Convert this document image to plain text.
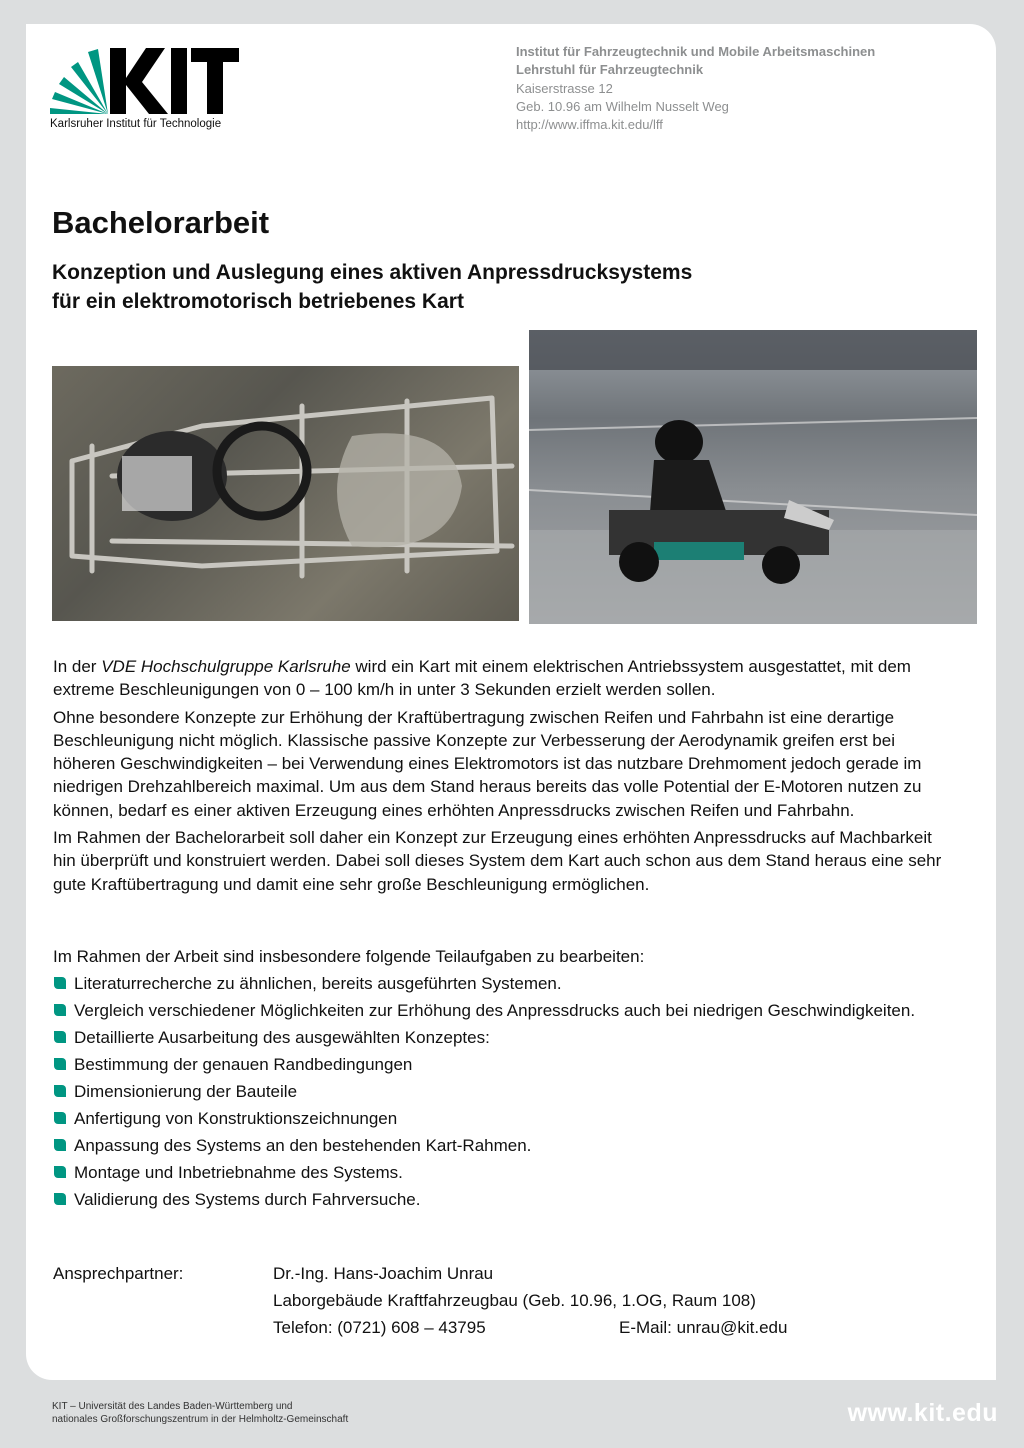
Karlsruher Institut für Technologie
Institut für Fahrzeugtechnik und Mobile Arbeitsmaschinen
Lehrstuhl für Fahrzeugtechnik
Kaiserstrasse 12
Geb. 10.96 am Wilhelm Nusselt Weg
http://www.iffma.kit.edu/lff
Bachelorarbeit
Konzeption und Auslegung eines aktiven Anpressdrucksystems
für ein elektromotorisch betriebenes Kart

In der VDE Hochschulgruppe Karlsruhe wird ein Kart mit einem elektrischen Antriebssystem ausgestattet, mit dem extreme Beschleunigungen von 0 – 100 km/h in unter 3 Sekunden erzielt werden sollen.

Ohne besondere Konzepte zur Erhöhung der Kraftübertragung zwischen Reifen und Fahrbahn ist eine derartige Beschleunigung nicht möglich. Klassische passive Konzepte zur Verbesserung der Aerodynamik greifen erst bei höheren Geschwindigkeiten – bei Verwendung eines Elektromotors ist das nutzbare Drehmoment jedoch gerade im niedrigen Drehzahlbereich maximal. Um aus dem Stand heraus bereits das volle Potential der E-Motoren nutzen zu können, bedarf es einer aktiven Erzeugung eines erhöhten Anpressdrucks zwischen Reifen und Fahrbahn.

Im Rahmen der Bachelorarbeit soll daher ein Konzept zur Erzeugung eines erhöhten Anpressdrucks auf Machbarkeit hin überprüft und konstruiert werden. Dabei soll dieses System dem Kart auch schon aus dem Stand heraus eine sehr gute Kraftübertragung und damit eine sehr große Beschleunigung ermöglichen.

Im Rahmen der Arbeit sind insbesondere folgende Teilaufgaben zu bearbeiten:
Literaturrecherche zu ähnlichen, bereits ausgeführten Systemen.
Vergleich verschiedener Möglichkeiten zur Erhöhung des Anpressdrucks auch bei niedrigen Geschwindigkeiten.
Detaillierte Ausarbeitung des ausgewählten Konzeptes:
Bestimmung der genauen Randbedingungen
Dimensionierung der Bauteile
Anfertigung von Konstruktionszeichnungen
Anpassung des Systems an den bestehenden Kart-Rahmen.
Montage und Inbetriebnahme des Systems.
Validierung des Systems durch Fahrversuche.
Ansprechpartner:	Dr.-Ing. Hans-Joachim Unrau
Laborgebäude Kraftfahrzeugbau (Geb. 10.96, 1.OG, Raum 108)
Telefon: (0721) 608 – 43795	E-Mail: unrau@kit.edu
KIT – Universität des Landes Baden-Württemberg und
nationales Großforschungszentrum in der Helmholtz-Gemeinschaft	www.kit.edu
